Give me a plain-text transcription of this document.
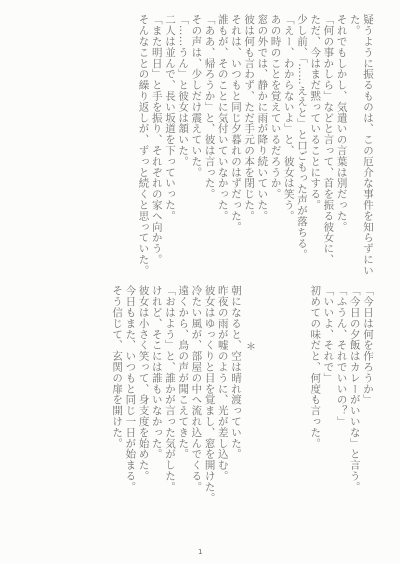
疑うように振るものは、この厄介な事件を知らずにいた。
それでもしかし、気遣いの言葉は別だった。
「何の事かしら」などと言って、首を振る彼女に、
ただ、今はまだ黙っていることにする。
少し前、「……ええと」と口ごもった声が落ちる。
「えー、わからないよ」と、彼女は笑う。
あの時のことを覚えているだろうか。
窓の外では、静かに雨が降り続いていた。
彼は何も言わず、ただ手元の本を閉じた。
それは、いつもと同じ夕暮れのはずだった。
誰もが、そのことに気付いていなかった。
「ああ、帰ろうか」と、彼は言った。
その声は、少しだけ震えていた。
「……うん」と彼女は頷いた。
二人は並んで、長い坂道を下っていった。
「また明日」と手を振り、それぞれの家へ向かう。
そんなことの繰り返しが、ずっと続くと思っていた。
「今日は何を作ろうか」
「今日の夕飯はカレーがいいな」と言う。
「ふうん、それでいいの？」
「いいよ、それで」
初めての味だと、何度も言った。
＊
朝になると、空は晴れ渡っていた。
昨夜の雨が嘘のように、光が差し込む。
彼女はゆっくりと目を覚まし、窓を開けた。
冷たい風が、部屋の中へ流れ込んでくる。
遠くから、鳥の声が聞こえてきた。
「おはよう」と、誰かが言った気がした。
けれど、そこには誰もいなかった。
彼女は小さく笑って、身支度を始めた。
今日もまた、いつもと同じ一日が始まる。
そう信じて、玄関の扉を開けた。
1
